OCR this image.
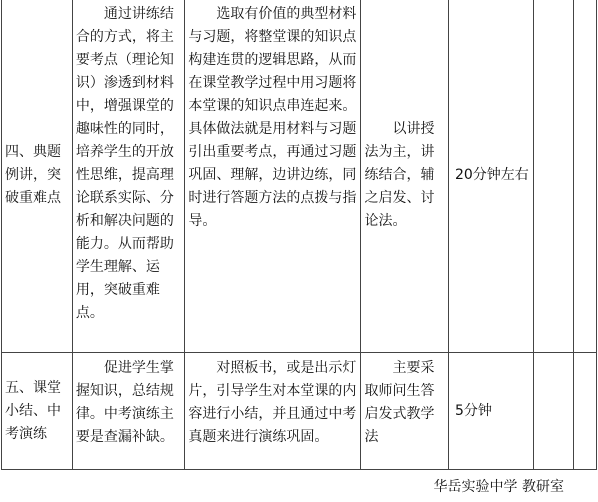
四、典题例讲，突破重难点	通过讲练结合的方式，将主要考点（理论知识）渗透到材料中，增强课堂的趣味性的同时，培养学生的开放性思维，提高理论联系实际、分析和解决问题的能力。从而帮助学生理解、运用，突破重难点。	选取有价值的典型材料与习题，将整堂课的知识点构建连贯的逻辑思路，从而在课堂教学过程中用习题将本堂课的知识点串连起来。具体做法就是用材料与习题引出重要考点，再通过习题巩固、理解，边讲边练，同时进行答题方法的点拨与指导。	以讲授法为主，讲练结合，辅之启发、讨论法。	20分钟左右		
五、课堂小结、中考演练	促进学生掌握知识，总结规律。中考演练主要是查漏补缺。	对照板书，或是出示灯片，引导学生对本堂课的内容进行小结，并且通过中考真题来进行演练巩固。	主要采取师问生答启发式教学法	5分钟		
华岳实验中学 教研室
